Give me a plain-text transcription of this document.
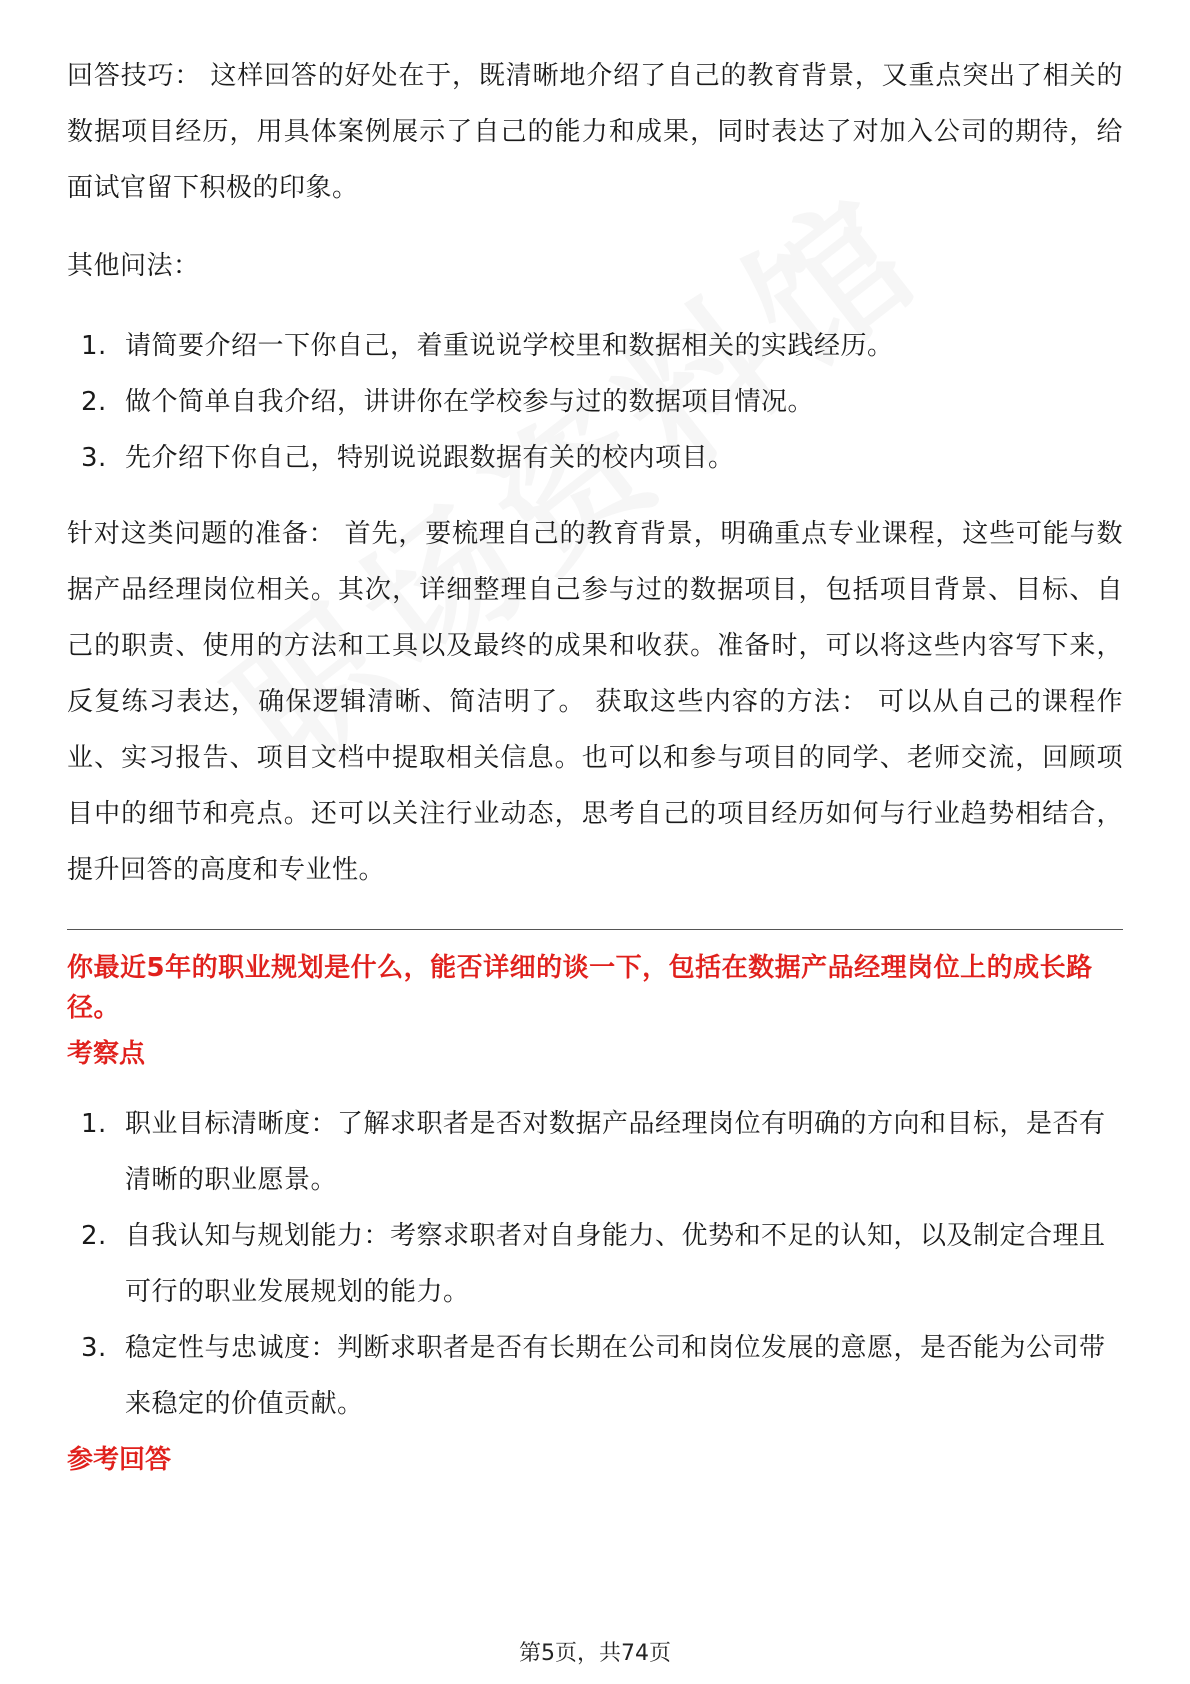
回答技巧： 这样回答的好处在于，既清晰地介绍了自己的教育背景，又重点突出了相关的数据项目经历，用具体案例展示了自己的能力和成果，同时表达了对加入公司的期待，给面试官留下积极的印象。

其他问法：

1. 请简要介绍一下你自己，着重说说学校里和数据相关的实践经历。
2. 做个简单自我介绍，讲讲你在学校参与过的数据项目情况。
3. 先介绍下你自己，特别说说跟数据有关的校内项目。

针对这类问题的准备： 首先，要梳理自己的教育背景，明确重点专业课程，这些可能与数据产品经理岗位相关。其次，详细整理自己参与过的数据项目，包括项目背景、目标、自己的职责、使用的方法和工具以及最终的成果和收获。准备时，可以将这些内容写下来，反复练习表达，确保逻辑清晰、简洁明了。 获取这些内容的方法： 可以从自己的课程作业、实习报告、项目文档中提取相关信息。也可以和参与项目的同学、老师交流，回顾项目中的细节和亮点。还可以关注行业动态，思考自己的项目经历如何与行业趋势相结合，提升回答的高度和专业性。

你最近5年的职业规划是什么，能否详细的谈一下，包括在数据产品经理岗位上的成长路径。

考察点

1. 职业目标清晰度：了解求职者是否对数据产品经理岗位有明确的方向和目标，是否有清晰的职业愿景。
2. 自我认知与规划能力：考察求职者对自身能力、优势和不足的认知，以及制定合理且可行的职业发展规划的能力。
3. 稳定性与忠诚度：判断求职者是否有长期在公司和岗位发展的意愿，是否能为公司带来稳定的价值贡献。

参考回答

第5页，共74页
